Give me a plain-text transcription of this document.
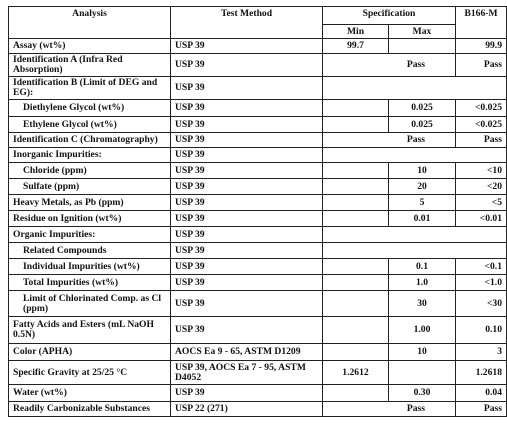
Analysis	Test Method	Specification		B166-M
		Min	Max	
Assay (wt%)	USP 39	99.7		99.9
Identification A (Infra Red Absorption)	USP 39	Pass		Pass
Identification B (Limit of DEG and EG):	USP 39			
Diethylene Glycol (wt%)	USP 39		0.025	<0.025
Ethylene Glycol (wt%)	USP 39		0.025	<0.025
Identification C (Chromatography)	USP 39	Pass		Pass
Inorganic Impurities:	USP 39			
Chloride (ppm)	USP 39		10	<10
Sulfate (ppm)	USP 39		20	<20
Heavy Metals, as Pb (ppm)	USP 39		5	<5
Residue on Ignition (wt%)	USP 39		0.01	<0.01
Organic Impurities:	USP 39			
Related Compounds	USP 39			
Individual Impurities (wt%)	USP 39		0.1	<0.1
Total Impurities (wt%)	USP 39		1.0	<1.0
Limit of Chlorinated Comp. as Cl (ppm)	USP 39		30	<30
Fatty Acids and Esters (mL NaOH 0.5N)	USP 39		1.00	0.10
Color (APHA)	AOCS Ea 9 - 65, ASTM D1209		10	3
Specific Gravity at 25/25 °C	USP 39, AOCS Ea 7 - 95, ASTM D4052	1.2612		1.2618
Water (wt%)	USP 39		0.30	0.04
Readily Carbonizable Substances	USP 22 (271)	Pass		Pass
